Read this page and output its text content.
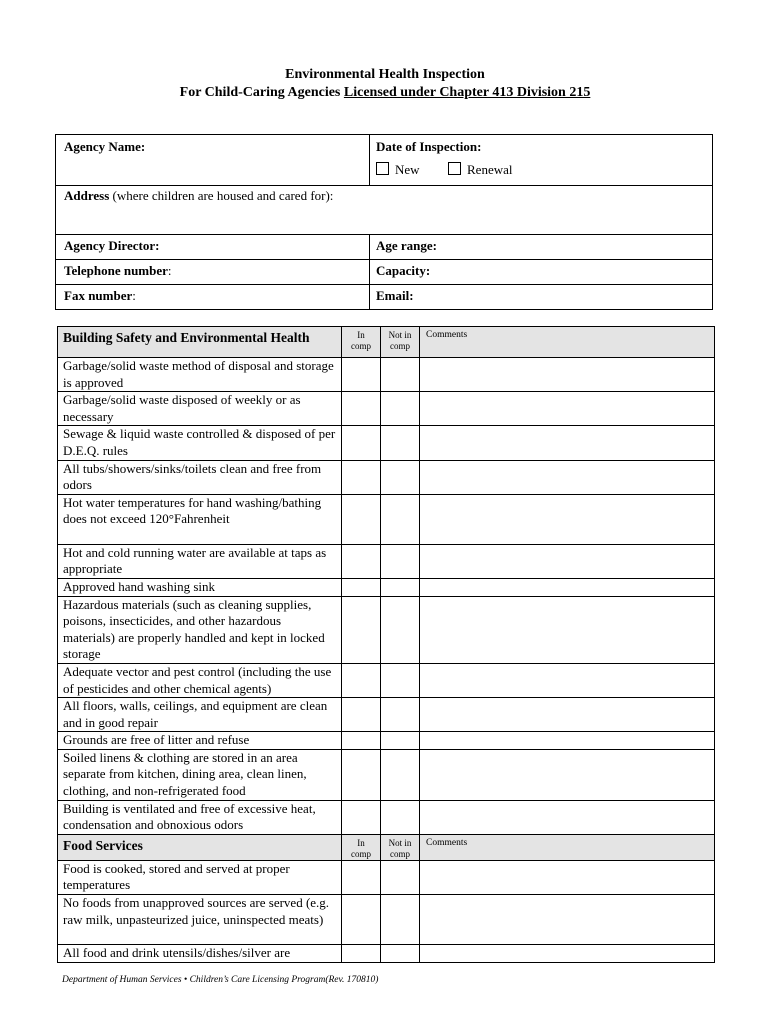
Environmental Health Inspection
For Child-Caring Agencies Licensed under Chapter 413 Division 215
Agency Name:	Date of Inspection:
New	Renewal
Address (where children are housed and cared for):
Agency Director:	Age range:
Telephone number:	Capacity:
Fax number:	Email:
Building Safety and Environmental Health	In comp	Not in comp	Comments
Garbage/solid waste method of disposal and storage is approved			
Garbage/solid waste disposed of weekly or as necessary			
Sewage & liquid waste controlled & disposed of per D.E.Q. rules			
All tubs/showers/sinks/toilets clean and free from odors			
Hot water temperatures for hand washing/bathing does not exceed 120°Fahrenheit			
Hot and cold running water are available at taps as appropriate			
Approved hand washing sink			
Hazardous materials (such as cleaning supplies, poisons, insecticides, and other hazardous materials) are properly handled and kept in locked storage			
Adequate vector and pest control (including the use of pesticides and other chemical agents)			
All floors, walls, ceilings, and equipment are clean and in good repair			
Grounds are free of litter and refuse			
Soiled linens & clothing are stored in an area separate from kitchen, dining area, clean linen, clothing, and non-refrigerated food			
Building is ventilated and free of excessive heat, condensation and obnoxious odors			
Food Services	In comp	Not in comp	Comments
Food is cooked, stored and served at proper temperatures			
No foods from unapproved sources are served (e.g. raw milk, unpasteurized juice, uninspected meats)			
All food and drink utensils/dishes/silver are			
Department of Human Services • Children’s Care Licensing Program(Rev. 170810)
